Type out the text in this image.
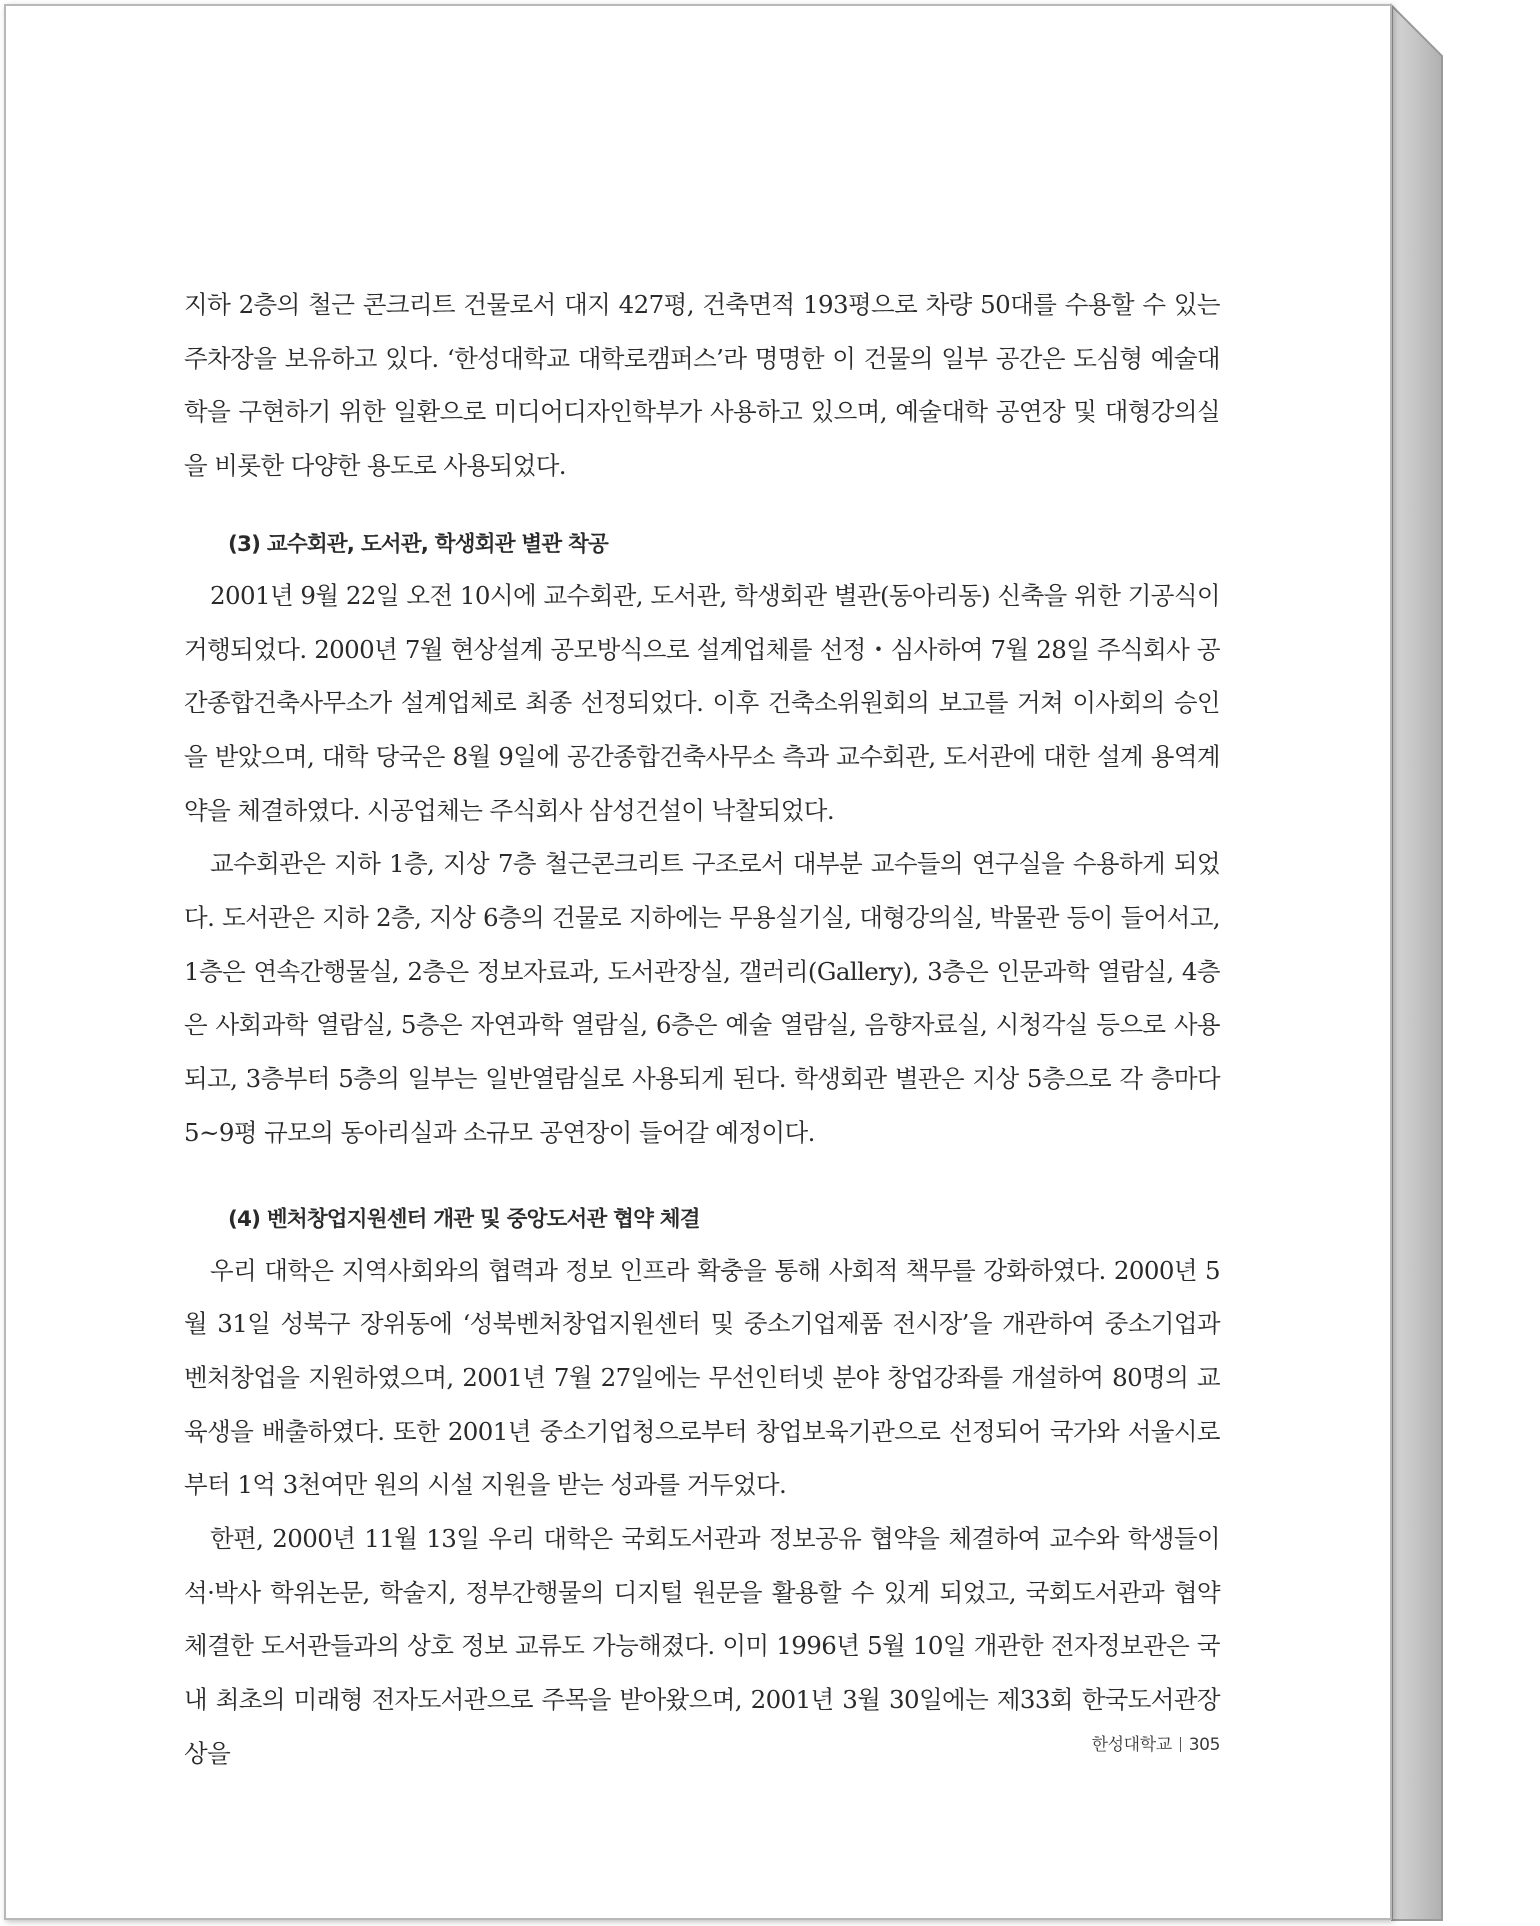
지하 2층의 철근 콘크리트 건물로서 대지 427평, 건축면적 193평으로 차량 50대를 수용할 수 있는 주차장을 보유하고 있다. ‘한성대학교 대학로캠퍼스’라 명명한 이 건물의 일부 공간은 도심형 예술대학을 구현하기 위한 일환으로 미디어디자인학부가 사용하고 있으며, 예술대학 공연장 및 대형강의실을 비롯한 다양한 용도로 사용되었다.

(3) 교수회관, 도서관, 학생회관 별관 착공

2001년 9월 22일 오전 10시에 교수회관, 도서관, 학생회관 별관(동아리동) 신축을 위한 기공식이 거행되었다. 2000년 7월 현상설계 공모방식으로 설계업체를 선정・심사하여 7월 28일 주식회사 공간종합건축사무소가 설계업체로 최종 선정되었다. 이후 건축소위원회의 보고를 거쳐 이사회의 승인을 받았으며, 대학 당국은 8월 9일에 공간종합건축사무소 측과 교수회관, 도서관에 대한 설계 용역계약을 체결하였다. 시공업체는 주식회사 삼성건설이 낙찰되었다.

교수회관은 지하 1층, 지상 7층 철근콘크리트 구조로서 대부분 교수들의 연구실을 수용하게 되었다. 도서관은 지하 2층, 지상 6층의 건물로 지하에는 무용실기실, 대형강의실, 박물관 등이 들어서고, 1층은 연속간행물실, 2층은 정보자료과, 도서관장실, 갤러리(Gallery), 3층은 인문과학 열람실, 4층은 사회과학 열람실, 5층은 자연과학 열람실, 6층은 예술 열람실, 음향자료실, 시청각실 등으로 사용되고, 3층부터 5층의 일부는 일반열람실로 사용되게 된다. 학생회관 별관은 지상 5층으로 각 층마다 5~9평 규모의 동아리실과 소규모 공연장이 들어갈 예정이다.

(4) 벤처창업지원센터 개관 및 중앙도서관 협약 체결

우리 대학은 지역사회와의 협력과 정보 인프라 확충을 통해 사회적 책무를 강화하였다. 2000년 5월 31일 성북구 장위동에 ‘성북벤처창업지원센터 및 중소기업제품 전시장’을 개관하여 중소기업과 벤처창업을 지원하였으며, 2001년 7월 27일에는 무선인터넷 분야 창업강좌를 개설하여 80명의 교육생을 배출하였다. 또한 2001년 중소기업청으로부터 창업보육기관으로 선정되어 국가와 서울시로부터 1억 3천여만 원의 시설 지원을 받는 성과를 거두었다.

한편, 2000년 11월 13일 우리 대학은 국회도서관과 정보공유 협약을 체결하여 교수와 학생들이 석·박사 학위논문, 학술지, 정부간행물의 디지털 원문을 활용할 수 있게 되었고, 국회도서관과 협약 체결한 도서관들과의 상호 정보 교류도 가능해졌다. 이미 1996년 5월 10일 개관한 전자정보관은 국내 최초의 미래형 전자도서관으로 주목을 받아왔으며, 2001년 3월 30일에는 제33회 한국도서관장상을	한성대학교 305
